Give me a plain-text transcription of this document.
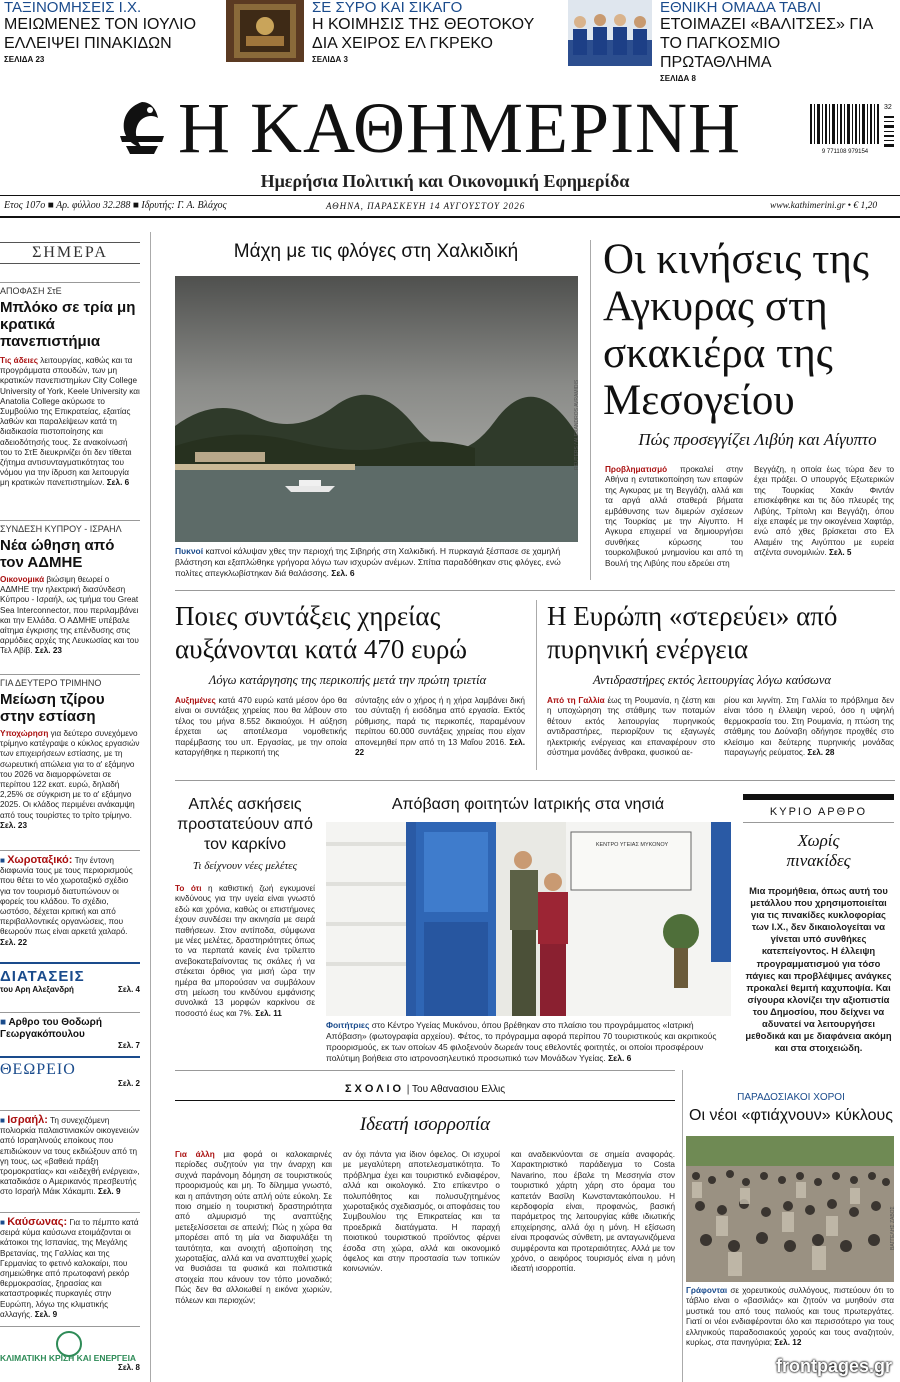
ΤΑΞΙΝΟΜΗΣΕΙΣ Ι.Χ.
ΜΕΙΩΜΕΝΕΣ ΤΟΝ ΙΟΥΛΙΟ ΕΛΛΕΙΨΕΙ ΠΙΝΑΚΙΔΩΝ
ΣΕΛΙΔΑ 23
ΣΕ ΣΥΡΟ ΚΑΙ ΣΙΚΑΓΟ
Η ΚΟΙΜΗΣΙΣ ΤΗΣ ΘΕΟΤΟΚΟΥ ΔΙΑ ΧΕΙΡΟΣ ΕΛ ΓΚΡΕΚΟ
ΣΕΛΙΔΑ 3
ΕΘΝΙΚΗ ΟΜΑΔΑ ΤΑΒΛΙ
ΕΤΟΙΜΑΖΕΙ «ΒΑΛΙΤΣΕΣ» ΓΙΑ ΤΟ ΠΑΓΚΟΣΜΙΟ ΠΡΩΤΑΘΛΗΜΑ
ΣΕΛΙΔΑ 8
Η ΚΑΘΗΜΕΡΙΝΗ
Ημερήσια Πολιτική και Οικονομική Εφημερίδα
9 771108 979154
32
Ετος 107ο ■ Αρ. φύλλου 32.288 ■ Ιδρυτής: Γ. Α. Βλάχος	ΑΘΗΝΑ, ΠΑΡΑΣΚΕΥΗ 14 ΑΥΓΟΥΣΤΟΥ 2026	www.kathimerini.gr • € 1,20
ΣΗΜΕΡΑ
ΑΠΟΦΑΣΗ ΣτΕ
Μπλόκο σε τρία μη κρατικά πανεπιστήμια
Τις άδειες λειτουργίας, καθώς και τα προγράμματα σπουδών, των μη κρατικών πανεπιστημίων City College University of York, Keele University και Anatolia College ακύρωσε το Συμβούλιο της Επικρατείας, εξαιτίας λαθών και παραλείψεων κατά τη διαδικασία πιστοποίησης και αδειοδότησής τους. Σε ανακοίνωσή του το ΣτΕ διευκρινίζει ότι δεν τίθεται ζήτημα αντισυνταγματικότητας του νόμου για την ίδρυση και λειτουργία μη κρατικών πανεπιστημίων. Σελ. 6
ΣΥΝΔΕΣΗ ΚΥΠΡΟΥ - ΙΣΡΑΗΛ
Νέα ώθηση από τον ΑΔΜΗΕ
Οικονομικά βιώσιμη θεωρεί ο ΑΔΜΗΕ την ηλεκτρική διασύνδεση Κύπρου - Ισραήλ, ως τμήμα του Great Sea Interconnector, που περιλαμβάνει και την Ελλάδα. Ο ΑΔΜΗΕ υπέβαλε αίτημα έγκρισης της επένδυσης στις αρμόδιες αρχές της Λευκωσίας και του Τελ Αβίβ. Σελ. 23
ΓΙΑ ΔΕΥΤΕΡΟ ΤΡΙΜΗΝΟ
Μείωση τζίρου στην εστίαση
Υποχώρηση για δεύτερο συνεχόμενο τρίμηνο κατέγραψε ο κύκλος εργασιών των επιχειρήσεων εστίασης, με τη σωρευτική απώλεια για το α' εξάμηνο του 2026 να διαμορφώνεται σε περίπου 122 εκατ. ευρώ, δηλαδή 2,25% σε σύγκριση με το α' εξάμηνο 2025. Οι κλάδος περιμένει ανάκαμψη από τους τουρίστες το τρίτο τρίμηνο. Σελ. 23
■ Χωροταξικό: Την έντονη διαφωνία τους με τους περιορισμούς που θέτει το νέο χωροταξικό σχέδιο για τον τουρισμό διατυπώνουν οι φορείς του κλάδου. Το σχέδιο, ωστόσο, δέχεται κριτική και από περιβαλλοντικές οργανώσεις, που θεωρούν πως είναι αρκετά χαλαρό. Σελ. 22
ΔΙΑΤΑΣΕΙΣ
του Αρη Αλεξανδρή	Σελ. 4
■ Αρθρο του Θοδωρή Γεωργακόπουλου
Σελ. 7
ΘΕΩΡΕΙΟ
Σελ. 2
■ Ισραήλ: Τη συνεχιζόμενη πολιορκία παλαιστινιακών οικογενειών από Ισραηλινούς εποίκους που επιδιώκουν να τους εκδιώξουν από τη γη τους, ως «βαθειά πράξη τρομοκρατίας» και «ειδεχθή ενέργεια», καταδικάσε ο Αμερικανός πρεσβευτής στο Ισραήλ Μάικ Χάκαμπι. Σελ. 9
■ Καύσωνας: Για το πέμπτο κατά σειρά κύμα καύσωνα ετοιμάζονται οι κάτοικοι της Ισπανίας, της Μεγάλης Βρετανίας, της Γαλλίας και της Γερμανίας το φετινό καλοκαίρι, που σημειώθηκε από πρωτοφανή ρεκόρ θερμοκρασίας, ξηρασίας και καταστροφικές πυρκαγιές στην Ευρώπη, λόγω της κλιματικής αλλαγής. Σελ. 9
ΚΛΙΜΑΤΙΚΗ ΚΡΙΣΗ ΚΑΙ ΕΝΕΡΓΕΙΑ
Σελ. 8
Μάχη με τις φλόγες στη Χαλκιδική
REUTERS / ALEXANDROS AVRAMIDIS
Πυκνοί καπνοί κάλυψαν χθες την περιοχή της Σιβηρής στη Χαλκιδική. Η πυρκαγιά ξέσπασε σε χαμηλή βλάστηση και εξαπλώθηκε γρήγορα λόγω των ισχυρών ανέμων. Σπίτια παραδόθηκαν στις φλόγες, ενώ πολίτες απεγκλωβίστηκαν διά θαλάσσης. Σελ. 6
Οι κινήσεις της Αγκυρας στη σκακιέρα της Μεσογείου
Πώς προσεγγίζει Λιβύη και Αίγυπτο
Προβληματισμό προκαλεί στην Αθήνα η εντατικοποίηση των επαφών της Αγκυρας με τη Βεγγάζη, αλλά και τα αργά αλλά σταθερά βήματα εμβάθυνσης των διμερών σχέσεων της Τουρκίας με την Αίγυπτο. Η Αγκυρα επιχειρεί να δημιουργήσει συνθήκες κύρωσης του τουρκολιβυκού μνημονίου και από τη Βουλή της Λιβύης που εδρεύει στη
Βεγγάζη, η οποία έως τώρα δεν το έχει πράξει. Ο υπουργός Εξωτερικών της Τουρκίας Χακάν Φιντάν επισκέφθηκε και τις δύο πλευρές της Λιβύης, Τρίπολη και Βεγγάζη, όπου είχε επαφές με την οικογένεια Χαφτάρ, ενώ από χθες βρίσκεται στο Ελ Αλαμέιν της Αιγύπτου με ευρεία ατζέντα συνομιλιών. Σελ. 5
Ποιες συντάξεις χηρείας αυξάνονται κατά 470 ευρώ
Λόγω κατάργησης της περικοπής μετά την πρώτη τριετία
Αυξημένες κατά 470 ευρώ κατά μέσον όρο θα είναι οι συντάξεις χηρείας που θα λάβουν στο τέλος του μήνα 8.552 δικαιούχοι. Η αύξηση έρχεται ως αποτέλεσμα νομοθετικής παρέμβασης του υπ. Εργασίας, με την οποία καταργήθηκε η περικοπή της
σύνταξης εάν ο χήρος ή η χήρα λαμβάνει δική του σύνταξη ή εισόδημα από εργασία. Εκτός ρύθμισης, παρά τις περικοπές, παραμένουν περίπου 60.000 συντάξεις χηρείας που είχαν απονεμηθεί πριν από τη 13 Μαΐου 2016. Σελ. 22
Η Ευρώπη «στερεύει» από πυρηνική ενέργεια
Αντιδραστήρες εκτός λειτουργίας λόγω καύσωνα
Από τη Γαλλία έως τη Ρουμανία, η ζέστη και η υποχώρηση της στάθμης των ποταμών θέτουν εκτός λειτουργίας πυρηνικούς αντιδραστήρες, περιορίζουν τις εξαγωγές ηλεκτρικής ενέργειας και επαναφέρουν στο σύστημα μονάδες άνθρακα, φυσικού αε-
ρίου και λιγνίτη. Στη Γαλλία το πρόβλημα δεν είναι τόσο η έλλειψη νερού, όσο η υψηλή θερμοκρασία του. Στη Ρουμανία, η πτώση της στάθμης του Δούναβη οδήγησε προχθές στο κλείσιμο και δεύτερης πυρηνικής μονάδας παραγωγής ρεύματος. Σελ. 28
Απλές ασκήσεις προστατεύουν από τον καρκίνο
Τι δείχνουν νέες μελέτες
Το ότι η καθιστική ζωή εγκυμονεί κινδύνους για την υγεία είναι γνωστό εδώ και χρόνια, καθώς οι επιστήμονες έχουν συνδέσει την ακινησία με σειρά παθήσεων. Στον αντίποδα, σύμφωνα με νέες μελέτες, δραστηριότητες όπως το να περπατά κανείς ένα τρίλεπτο ανεβοκατεβαίνοντας τις σκάλες ή να στέκεται όρθιος για μισή ώρα την ημέρα θα μπορούσαν να συμβάλουν στη μείωση του κινδύνου εμφάνισης συνολικά 13 μορφών καρκίνου σε ποσοστό έως και 7%. Σελ. 11
Απόβαση φοιτητών Ιατρικής στα νησιά
ΚΕΝΤΡΟ ΥΓΕΙΑΣ ΜΥΚΟΝΟΥ
Φοιτήτριες στο Κέντρο Υγείας Μυκόνου, όπου βρέθηκαν στο πλαίσιο του προγράμματος «Ιατρική Απόβαση» (φωτογραφία αρχείου). Φέτος, το πρόγραμμα αφορά περίπου 70 τουριστικούς και ακριτικούς προορισμούς, εκ των οποίων 45 φιλοξενούν δωρεάν τους εθελοντές φοιτητές, οι οποίοι προσφέρουν πολύτιμη βοήθεια στο ιατρονοσηλευτικό προσωπικό των Μονάδων Υγείας. Σελ. 6
ΚΥΡΙΟ ΑΡΘΡΟ
Χωρίς πινακίδες
Μια προμήθεια, όπως αυτή του μετάλλου που χρησιμοποιείται για τις πινακίδες κυκλοφορίας των Ι.Χ., δεν δικαιολογείται να γίνεται υπό συνθήκες κατεπείγοντος. Η έλλειψη προγραμματισμού για τόσο πάγιες και προβλέψιμες ανάγκες προκαλεί θεμιτή καχυποψία. Και σίγουρα κλονίζει την αξιοπιστία του Δημοσίου, που δείχνει να αδυνατεί να λειτουργήσει μεθοδικά και με διαφάνεια ακόμη και στα στοιχειώδη.
ΣΧΟΛΙΟ | Του Αθανασιου Ελλις
Ιδεατή ισορροπία
Για άλλη μια φορά οι καλοκαιρινές περίοδες συζητούν για την άναρχη και συχνά παράνομη δόμηση σε τουριστικούς προορισμούς και μη. Το δίλημμα γνωστό, και η απάντηση ούτε απλή ούτε εύκολη. Σε ποιο σημείο η τουριστική δραστηριότητα από αλμυρισμό της αναπτύξης μετεξελίσσεται σε απειλή; Πώς η χώρα θα μπορέσει από τη μία να διαφυλάξει τη ταυτότητα, και ανοιχτή αξιοποίηση της χωροταξίας, αλλά και να αναπτυχθεί χωρίς να θυσιάσει τα φυσικά και πολιτιστικά στοιχεία που κάνουν τον τόπο μοναδικό; Πώς δεν θα αλλοιωθεί η εικόνα χωριών, πόλεων και περιοχών;
αν όχι πάντα για ίδιον όφελος. Οι ισχυροί με μεγαλύτερη αποτελεσματικότητα. Το πρόβλημα έχει και τουριστικό ενδιαφέρον, αλλά και οικολογικό. Στο επίκεντρο ο πολυπόθητος και πολυσυζητημένος χωροταξικός σχεδιασμός, οι αποφάσεις του Συμβουλίου της Επικρατείας και τα προεδρικά διατάγματα. Η παραχή ποιοτικού τουριστικού προϊόντος φέρνει έσοδα στη χώρα, αλλά και οικονομικό όφελος και στην προστασία των τοπικών κοινωνιών.
και αναδεικνύονται σε σημεία αναφοράς. Χαρακτηριστικό παράδειγμα το Costa Navarino, που έβαλε τη Μεσσηνία στον τουριστικό χάρτη χάρη στο όραμα του καπετάν Βασίλη Κωνσταντακόπουλου. Η κερδοφορία είναι, προφανώς, βασική παράμετρος της λειτουργίας κάθε ιδιωτικής επιχείρησης, αλλά όχι η μόνη. Η εξίσωση είναι προφανώς σύνθετη, με ανταγωνιζόμενα συμφέροντα και προτεραιότητες. Αλλά με τον χρόνο, ο αειφόρος τουρισμός είναι η μόνη ιδεατή ισορροπία.
ΠΑΡΑΔΟΣΙΑΚΟΙ ΧΟΡΟΙ
Οι νέοι «φτιάχνουν» κύκλους
ΒΑΓΓΕΛΗΣ ΖΑΒΟΣ
Γράφονται σε χορευτικούς συλλόγους, πιστεύουν ότι το τάβλιο είναι ο «βασιλιάς» και ζητούν να μυηθούν στα μυστικά του από τους παλιούς και τους πρωτεργάτες. Γιατί οι νέοι ενδιαφέρονται όλο και περισσότερο για τους ελληνικούς παραδοσιακούς χορούς και τους αναζητούν, κυρίως, στα πανηγύρια; Σελ. 12
frontpages.gr
